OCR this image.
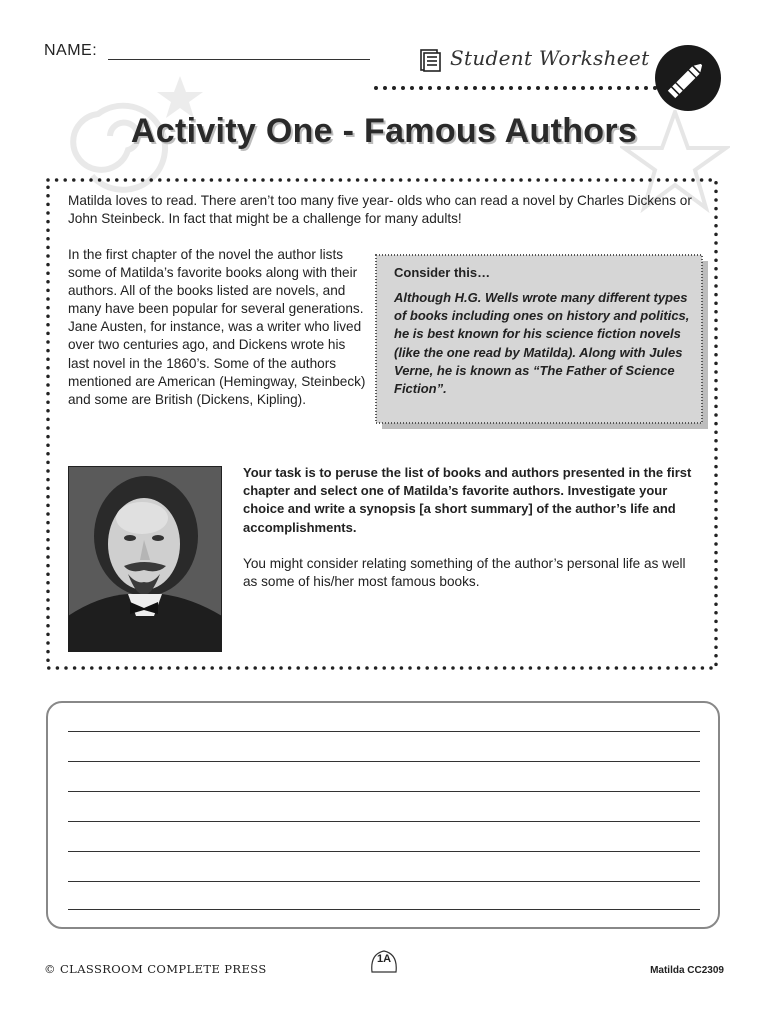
NAME:	Student Worksheet
Activity One - Famous Authors
Matilda loves to read. There aren’t too many five year- olds who can read a novel by Charles Dickens or John Steinbeck. In fact that might be a challenge for many adults!
In the first chapter of the novel the author lists some of Matilda’s favorite books along with their authors. All of the books listed are novels, and many have been popular for several generations. Jane Austen, for instance, was a writer who lived over two centuries ago, and Dickens wrote his last novel in the 1860’s. Some of the authors mentioned are American (Hemingway, Steinbeck) and some are British (Dickens, Kipling).
Consider this…
Although H.G. Wells wrote many different types of books including ones on history and politics, he is best known for his science fiction novels (like the one read by Matilda). Along with Jules Verne, he is known as “The Father of Science Fiction”.
Your task is to peruse the list of books and authors presented in the first chapter and select one of Matilda’s favorite authors. Investigate your choice and write a synopsis [a short summary] of the author’s life and accomplishments.
You might consider relating something of the author’s personal life as well as some of his/her most famous books.
© CLASSROOM COMPLETE PRESS
1A
Matilda CC2309
